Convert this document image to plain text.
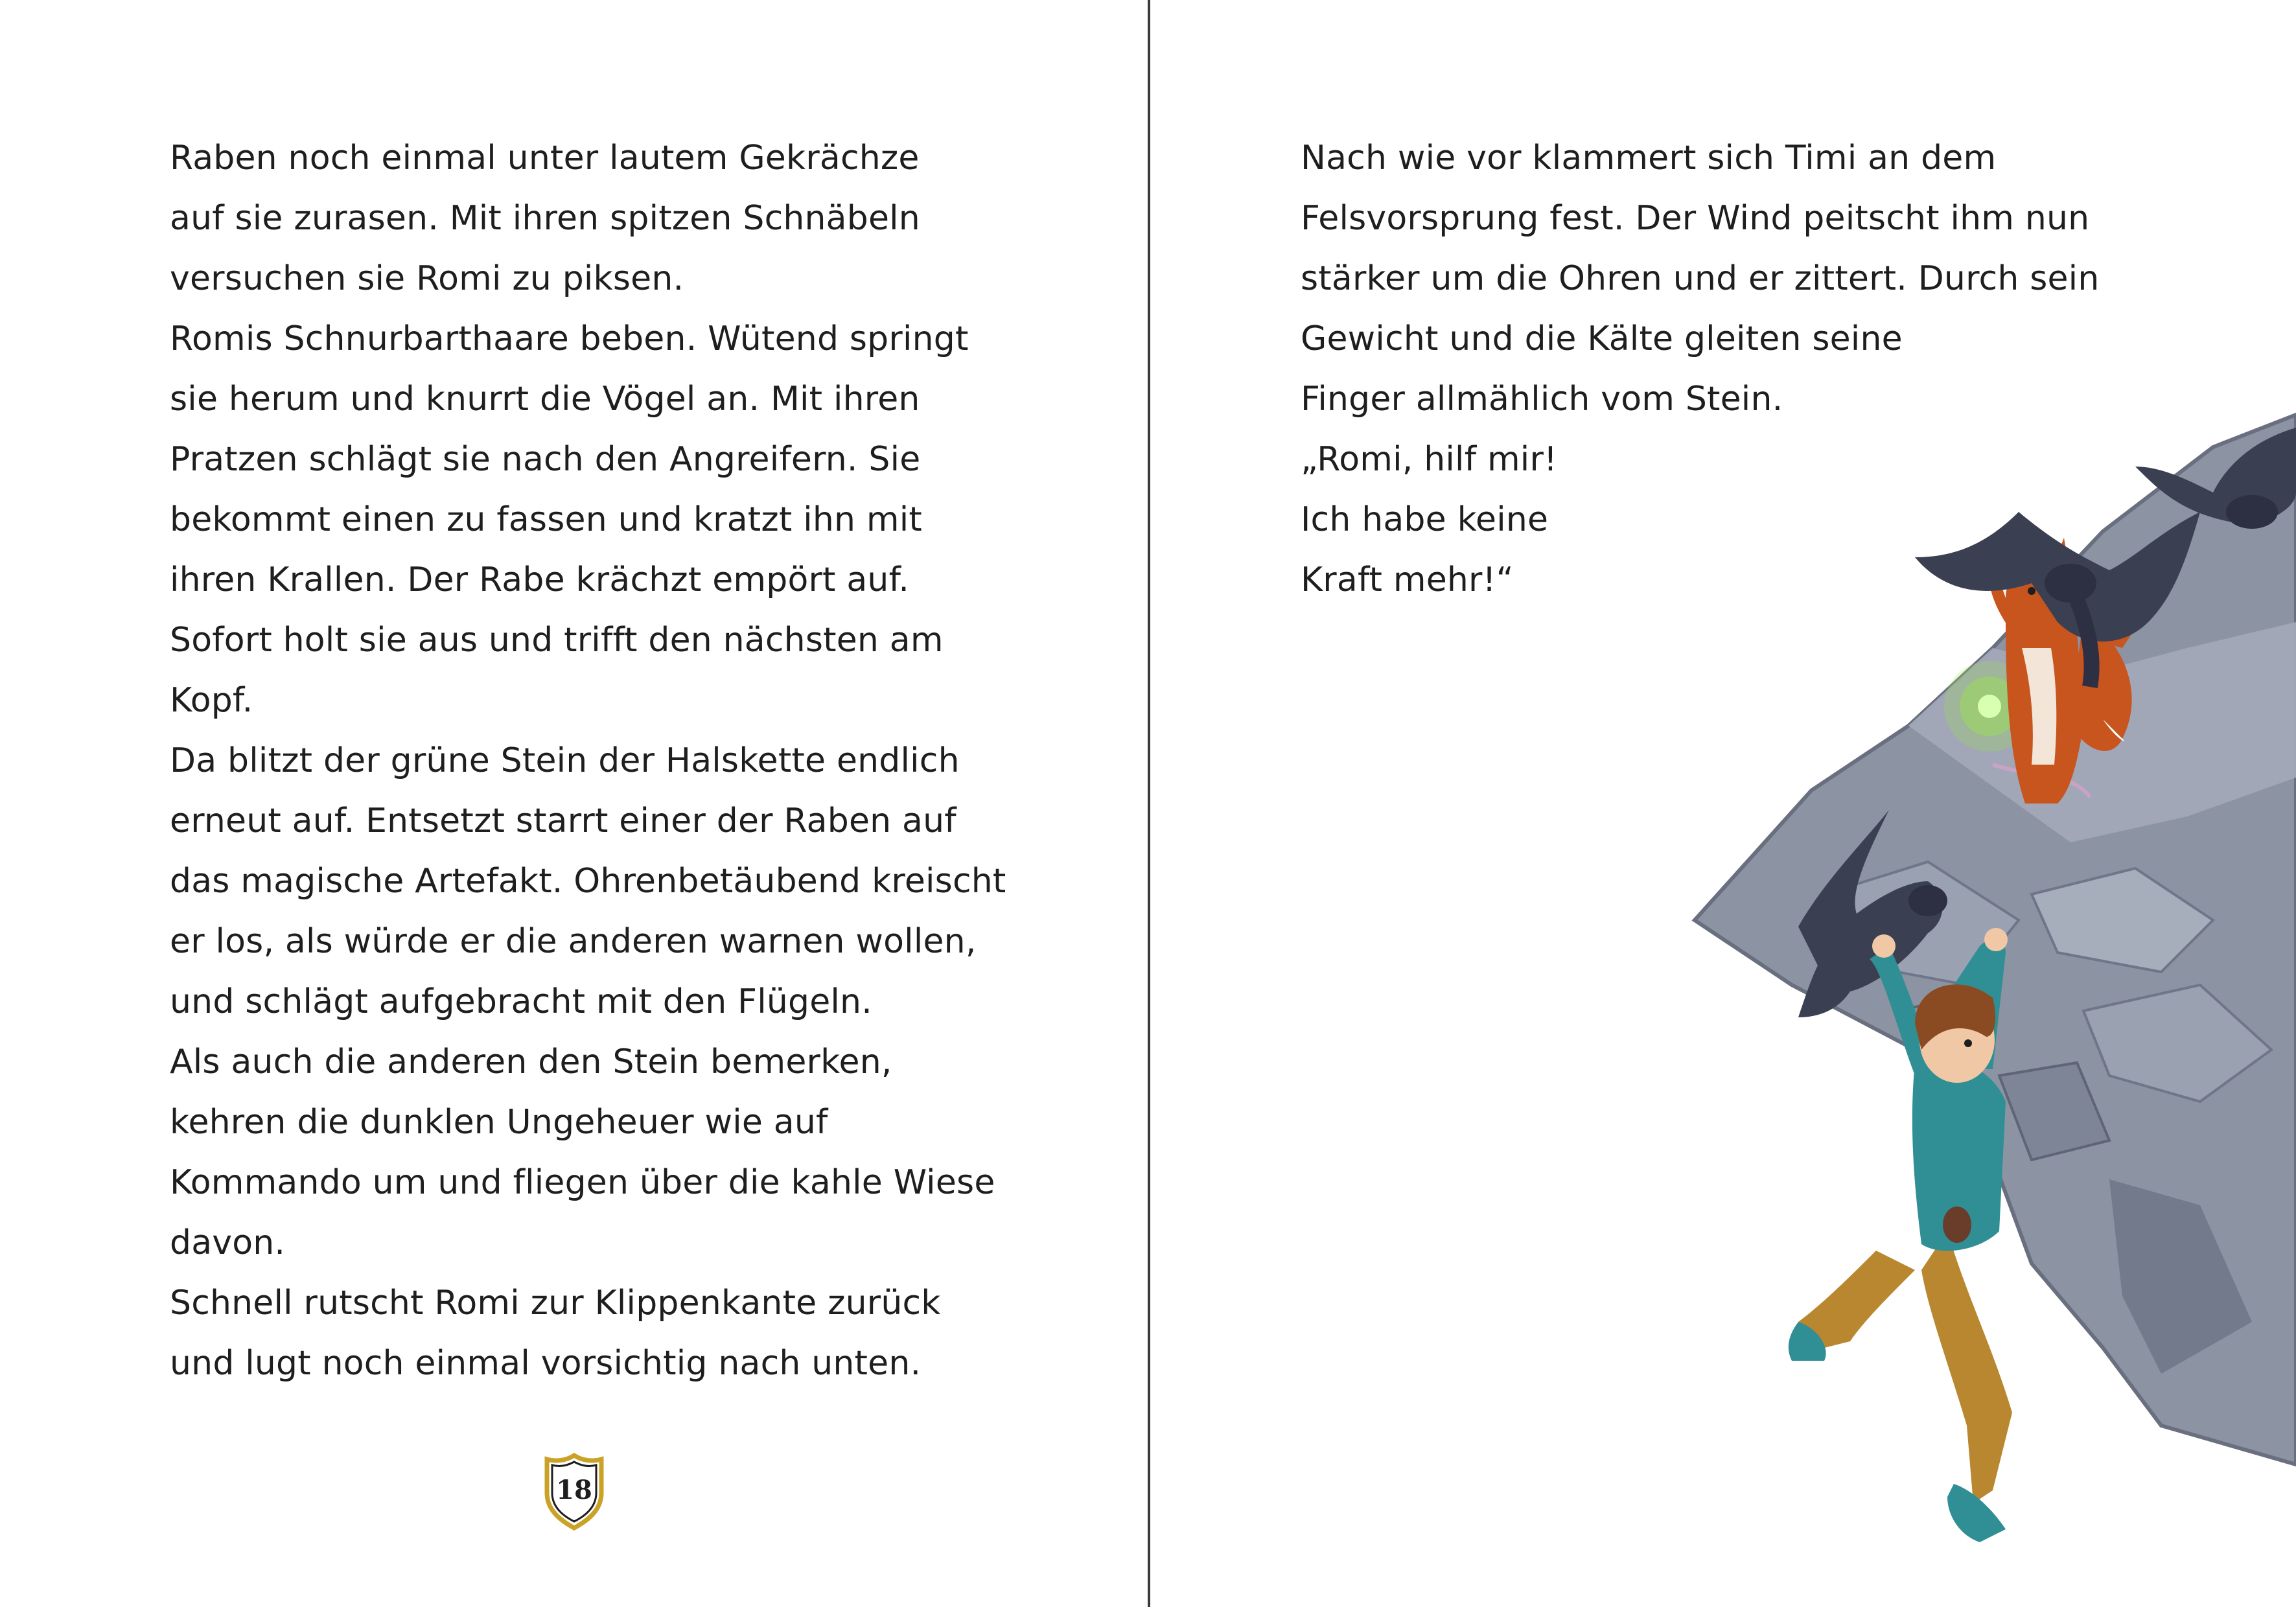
Raben noch einmal unter lautem Gekrächze
auf sie zurasen. Mit ihren spitzen Schnäbeln
versuchen sie Romi zu piksen.
Romis Schnurbarthaare beben. Wütend springt
sie herum und knurrt die Vögel an. Mit ihren
Pratzen schlägt sie nach den Angreifern. Sie
bekommt einen zu fassen und kratzt ihn mit
ihren Krallen. Der Rabe krächzt empört auf.
Sofort holt sie aus und trifft den nächsten am
Kopf.
Da blitzt der grüne Stein der Halskette endlich
erneut auf. Entsetzt starrt einer der Raben auf
das magische Artefakt. Ohrenbetäubend kreischt
er los, als würde er die anderen warnen wollen,
und schlägt aufgebracht mit den Flügeln.
Als auch die anderen den Stein bemerken,
kehren die dunklen Ungeheuer wie auf
Kommando um und fliegen über die kahle Wiese
davon.
Schnell rutscht Romi zur Klippenkante zurück
und lugt noch einmal vorsichtig nach unten.
18
Nach wie vor klammert sich Timi an dem
Felsvorsprung fest. Der Wind peitscht ihm nun
stärker um die Ohren und er zittert. Durch sein
Gewicht und die Kälte gleiten seine
Finger allmählich vom Stein.
„Romi, hilf mir!
Ich habe keine
Kraft mehr!“
